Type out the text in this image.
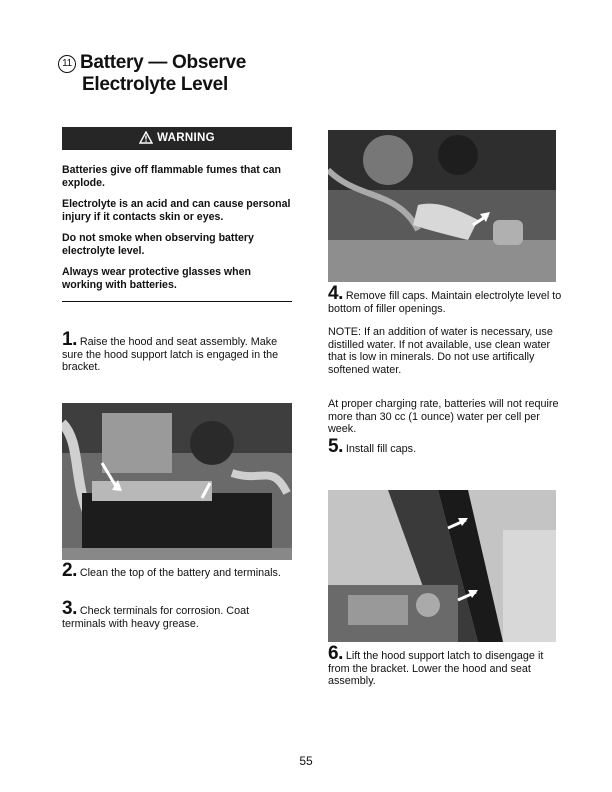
11 Battery — Observe
Electrolyte Level
WARNING

Batteries give off flammable fumes that can explode.

Electrolyte is an acid and can cause personal injury if it contacts skin or eyes.

Do not smoke when observing battery electrolyte level.

Always wear protective glasses when working with batteries.

1. Raise the hood and seat assembly. Make sure the hood support latch is engaged in the bracket.

2. Clean the top of the battery and terminals.

3. Check terminals for corrosion. Coat terminals with heavy grease.

4. Remove fill caps. Maintain electrolyte level to bottom of filler openings.

NOTE: If an addition of water is necessary, use distilled water. If not available, use clean water that is low in minerals. Do not use artifically softened water.

At proper charging rate, batteries will not require more than 30 cc (1 ounce) water per cell per week.

5. Install fill caps.

6. Lift the hood support latch to disengage it from the bracket. Lower the hood and seat assembly.

55
